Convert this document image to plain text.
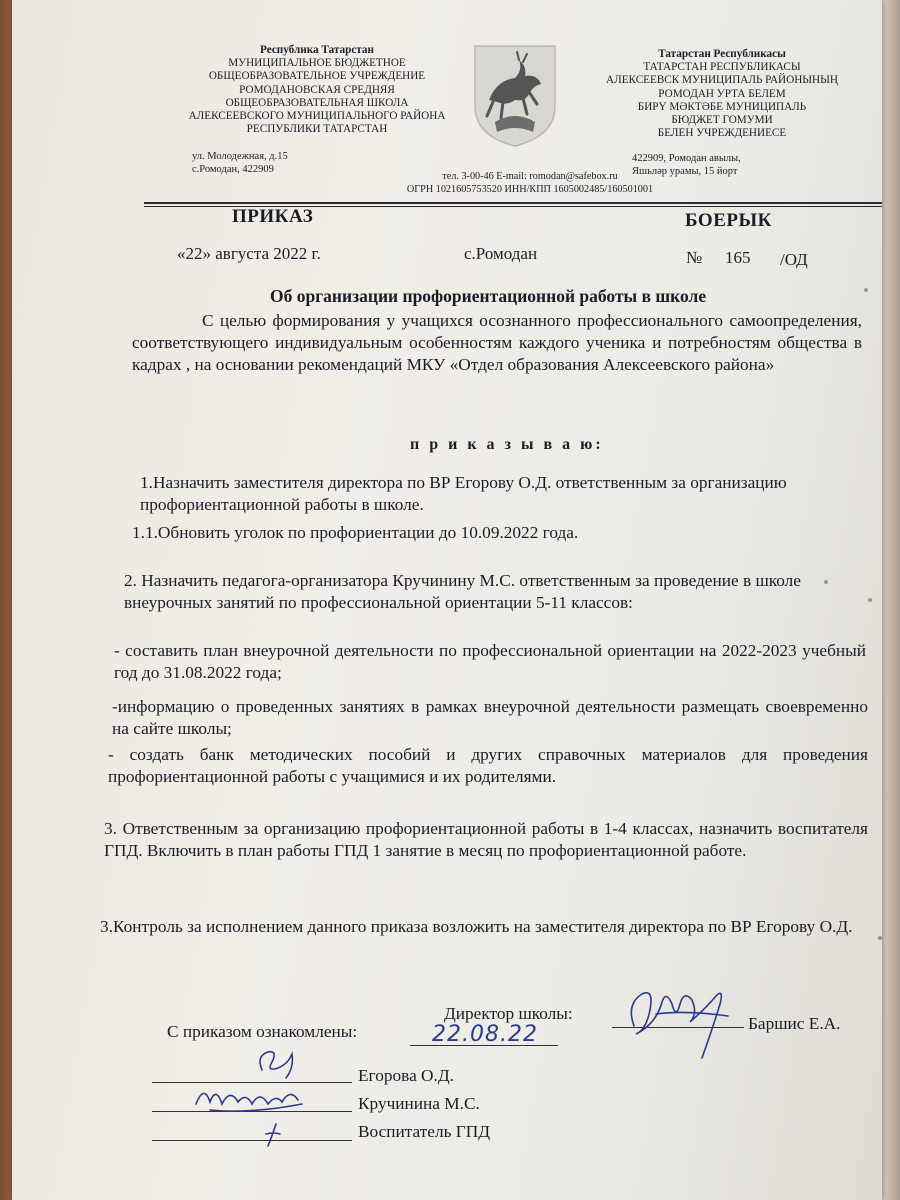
Республика Татарстан
МУНИЦИПАЛЬНОЕ БЮДЖЕТНОЕ
ОБЩЕОБРАЗОВАТЕЛЬНОЕ УЧРЕЖДЕНИЕ
РОМОДАНОВСКАЯ СРЕДНЯЯ
ОБЩЕОБРАЗОВАТЕЛЬНАЯ ШКОЛА
АЛЕКСЕЕВСКОГО МУНИЦИПАЛЬНОГО РАЙОНА
РЕСПУБЛИКИ ТАТАРСТАН
ул. Молодежная, д.15
с.Ромодан, 422909
Татарстан Республикасы
ТАТАРСТАН РЕСПУБЛИКАСЫ
АЛЕКСЕЕВСК МУНИЦИПАЛЬ РАЙОНЫНЫҢ
РОМОДАН УРТА БЕЛЕМ
БИРҮ МӘКТӘБЕ МУНИЦИПАЛЬ
БЮДЖЕТ ГОМУМИ
БЕЛЕН УЧРЕЖДЕНИЕСЕ
422909, Ромодан авылы,
Яшьләр урамы, 15 йорт
тел. 3-00-46 E-mail: romodan@safebox.ru
ОГРН 1021605753520 ИНН/КПП 1605002485/160501001
ПРИКАЗ	БОЕРЫК
«22» августа 2022 г.	с.Ромодан	№ 165 /ОД
Об организации профориентационной работы в школе
С целью формирования у учащихся осознанного профессионального самоопределения, соответствующего индивидуальным особенностям каждого ученика и потребностям общества в кадрах , на основании рекомендаций МКУ «Отдел образования Алексеевского района»
п р и к а з ы в а ю:
1.Назначить заместителя директора по ВР Егорову О.Д. ответственным за организацию профориентационной работы в школе.
1.1.Обновить уголок по профориентации до 10.09.2022 года.
2. Назначить педагога-организатора Кручинину М.С. ответственным за проведение в школе внеурочных занятий по профессиональной ориентации 5-11 классов:
- составить план внеурочной деятельности по профессиональной ориентации на 2022-2023 учебный год до 31.08.2022 года;
-информацию о проведенных занятиях в рамках внеурочной деятельности размещать своевременно на сайте школы;
- создать банк методических пособий и других справочных материалов для проведения профориентационной работы с учащимися и их родителями.
3. Ответственным за организацию профориентационной работы в 1-4 классах, назначить воспитателя ГПД. Включить в план работы ГПД 1 занятие в месяц по профориентационной работе.
3.Контроль за исполнением данного приказа возложить на заместителя директора по ВР Егорову О.Д.
Директор школы:
Баршис Е.А.
С приказом ознакомлены:	22.08.22
Егорова О.Д.
Кручинина М.С.
Воспитатель ГПД
